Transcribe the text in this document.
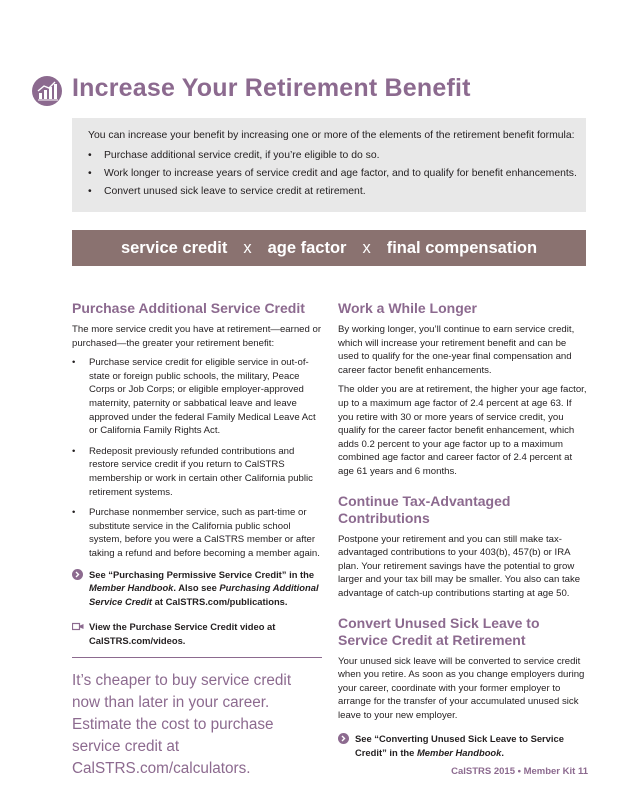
Increase Your Retirement Benefit

You can increase your benefit by increasing one or more of the elements of the retirement benefit formula:

• Purchase additional service credit, if you’re eligible to do so.
• Work longer to increase years of service credit and age factor, and to qualify for benefit enhancements.
• Convert unused sick leave to service credit at retirement.
service credit x age factor x final compensation
Purchase Additional Service Credit

The more service credit you have at retirement—earned or purchased—the greater your retirement benefit:

• Purchase service credit for eligible service in out-of-state or foreign public schools, the military, Peace Corps or Job Corps; or eligible employer-approved maternity, paternity or sabbatical leave and leave approved under the federal Family Medical Leave Act or California Family Rights Act.
• Redeposit previously refunded contributions and restore service credit if you return to CalSTRS membership or work in certain other California public retirement systems.
• Purchase nonmember service, such as part-time or substitute service in the California public school system, before you were a CalSTRS member or after taking a refund and before becoming a member again.
See “Purchasing Permissive Service Credit” in the Member Handbook. Also see Purchasing Additional Service Credit at CalSTRS.com/publications.
View the Purchase Service Credit video at CalSTRS.com/videos.

It’s cheaper to buy service credit now than later in your career. Estimate the cost to purchase service credit at CalSTRS.com/calculators.

Work a While Longer

By working longer, you’ll continue to earn service credit, which will increase your retirement benefit and can be used to qualify for the one-year final compensation and career factor benefit enhancements.

The older you are at retirement, the higher your age factor, up to a maximum age factor of 2.4 percent at age 63. If you retire with 30 or more years of service credit, you qualify for the career factor benefit enhancement, which adds 0.2 percent to your age factor up to a maximum combined age factor and career factor of 2.4 percent at age 61 years and 6 months.

Continue Tax-Advantaged Contributions

Postpone your retirement and you can still make tax-advantaged contributions to your 403(b), 457(b) or IRA plan. Your retirement savings have the potential to grow larger and your tax bill may be smaller. You also can take advantage of catch-up contributions starting at age 50.

Convert Unused Sick Leave to Service Credit at Retirement

Your unused sick leave will be converted to service credit when you retire. As soon as you change employers during your career, coordinate with your former employer to arrange for the transfer of your accumulated unused sick leave to your new employer.

See “Converting Unused Sick Leave to Service Credit” in the Member Handbook.
CalSTRS 2015 • Member Kit 11
